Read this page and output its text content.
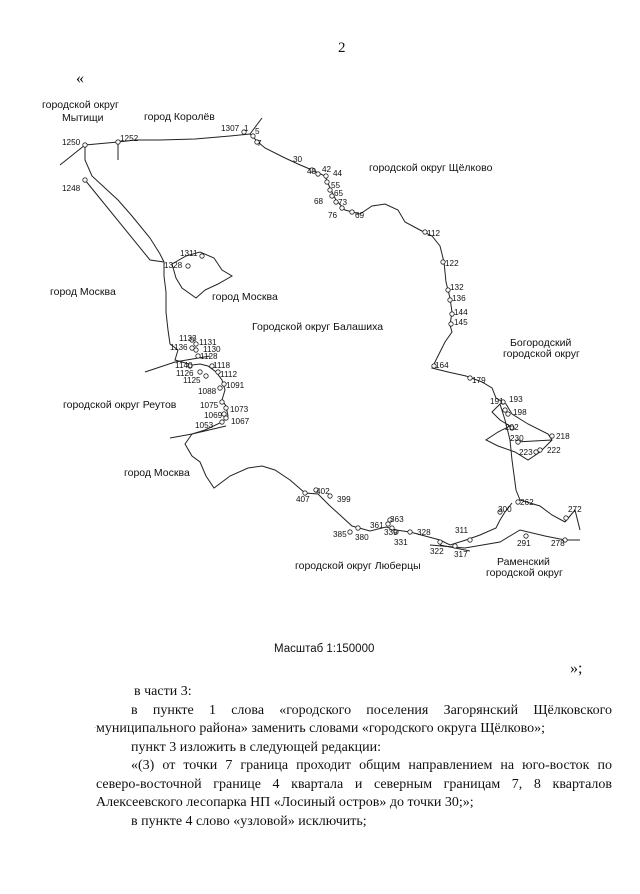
2
«
городской округ
Мытищи	город Королёв
городской округ Щёлково
город Москва	город Москва
Городской округ Балашиха
Богородский
городской округ
городской округ Реутов
город Москва
городской округ Люберцы	Раменский
городской округ
1250	1252
1248
1307 1 5
7
30
40 42 44
55
65
68 73
76 69
112
122
132
136
144
145
164
179
191 193
198
202
218
230
223 222
262
272
300
291 278
311
317
322
328
331
339
361
363
380
385
399
402
407
1053 1067
1069
1073
1075
1088
1091
1112
1118
1125
1126
1128
1130
1131
1133
1136
1140
1311
1328
Масштаб 1:150000
»;
·

в части 3:

в пункте 1 слова «городского поселения Загорянский Щёлковского муниципального района» заменить словами «городского округа Щёлково»;

пункт 3 изложить в следующей редакции:

«(3) от точки 7 граница проходит общим направлением на юго-восток по северо-восточной границе 4 квартала и северным границам 7, 8 кварталов Алексеевского лесопарка НП «Лосиный остров» до точки 30;»;

в пункте 4 слово «узловой» исключить;
